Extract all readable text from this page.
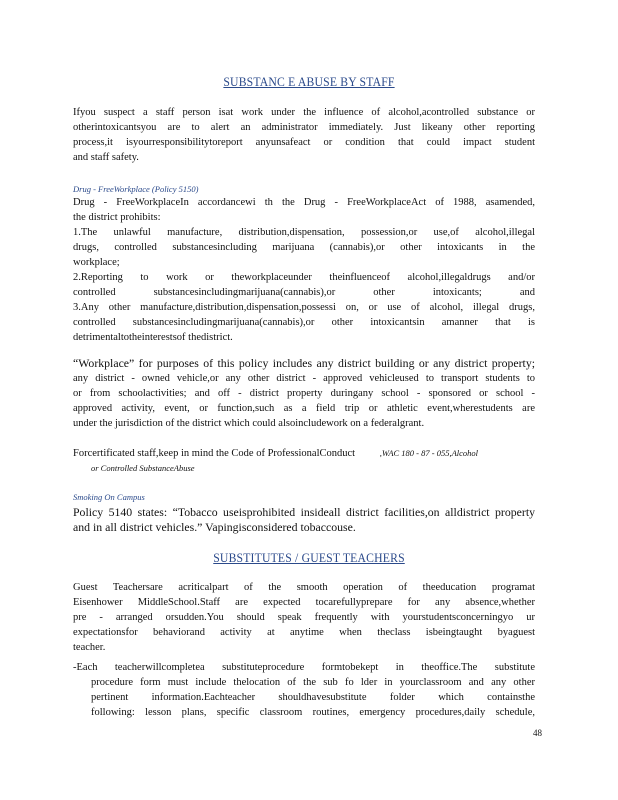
SUBSTANC E ABUSE BY STAFF
Ifyou suspect a staff person isat work under the influence of alcohol,acontrolled substance or
otherintoxicantsyou are to alert an administrator immediately. Just likeany other reporting
process,it isyourresponsibilitytoreport anyunsafeact or condition that could impact student
and staff safety.
Drug - FreeWorkplace (Policy 5150)
Drug - FreeWorkplaceIn accordancewi th the Drug - FreeWorkplaceAct of 1988, asamended,
the district prohibits:
1.The unlawful manufacture, distribution,dispensation, possession,or use,of alcohol,illegal
drugs, controlled substancesincluding marijuana (cannabis),or other intoxicants in the
workplace;
2.Reporting to work or theworkplaceunder theinfluenceof alcohol,illegaldrugs and/or
controlled substancesincludingmarijuana(cannabis),or other intoxicants; and
3.Any other manufacture,distribution,dispensation,possessi on, or use of alcohol, illegal drugs,
controlled substancesincludingmarijuana(cannabis),or other intoxicantsin amanner that is
detrimentaltotheinterestsof thedistrict.
“Workplace” for purposes of this policy includes any district building or any district property;
any district - owned vehicle,or any other district - approved vehicleused to transport students to
or from schoolactivities; and off - district property duringany school - sponsored or school -
approved activity, event, or function,such as a field trip or athletic event,wherestudents are
under the jurisdiction of the district which could alsoincludework on a federalgrant.
Forcertificated staff,keep in mind the Code of ProfessionalConduct	,WAC 180 - 87 - 055,Alcohol
or Controlled SubstanceAbuse
Smoking On Campus
Policy 5140 states: “Tobacco useisprohibited insideall district facilities,on alldistrict property
and in all district vehicles.” Vapingisconsidered tobaccouse.
SUBSTITUTES / GUEST TEACHERS
Guest Teachersare acriticalpart of the smooth operation of theeducation programat
Eisenhower MiddleSchool.Staff are expected tocarefullyprepare for any absence,whether
pre - arranged orsudden.You should speak frequently with yourstudentsconcerningyo ur
expectationsfor behaviorand activity at anytime when theclass isbeingtaught byaguest
teacher.
-Each teacherwillcompletea substituteprocedure formtobekept in theoffice.The substitute
procedure form must include thelocation of the sub fo lder in yourclassroom and any other
pertinent information.Eachteacher shouldhavesubstitute folder which containsthe
following: lesson plans, specific classroom routines, emergency procedures,daily schedule,
48
